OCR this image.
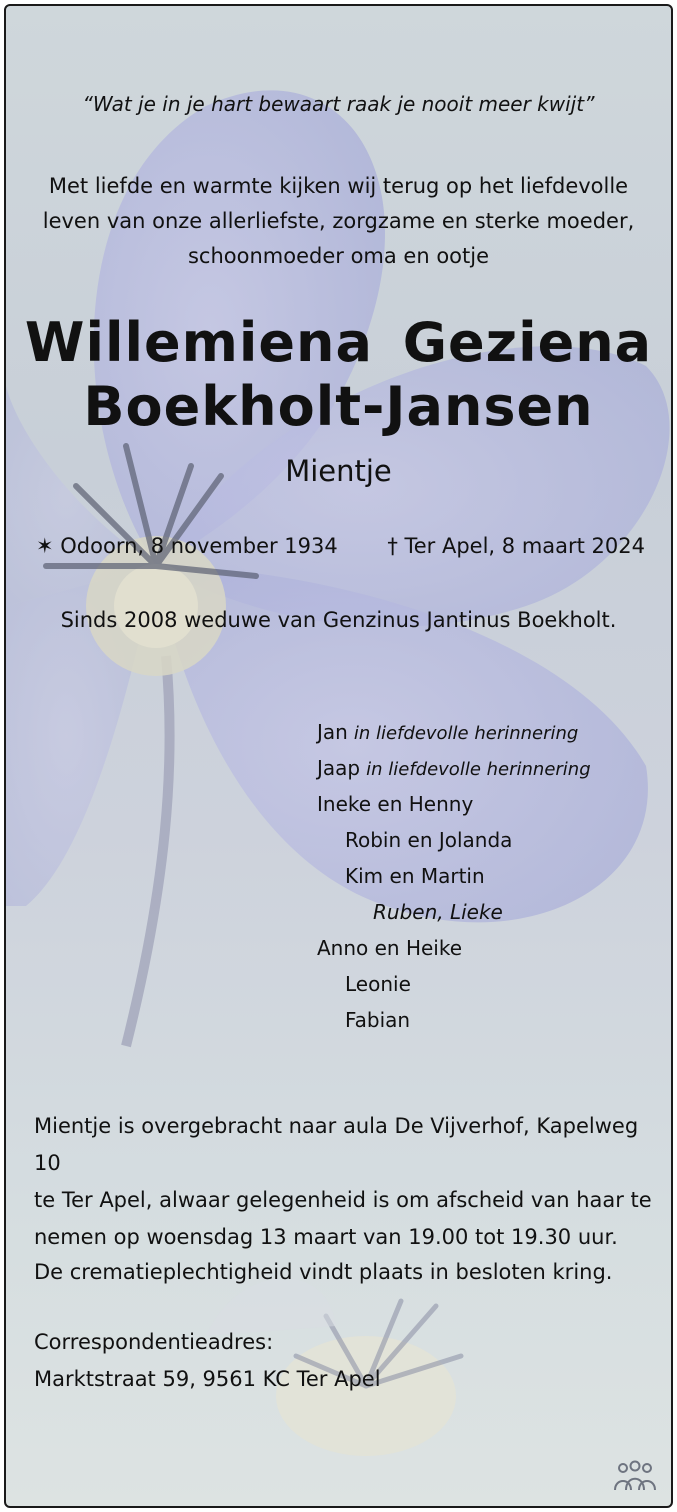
“Wat je in je hart bewaart raak je nooit meer kwijt”
Met liefde en warmte kijken wij terug op het liefdevolle
leven van onze allerliefste, zorgzame en sterke moeder,
schoonmoeder oma en ootje
Willemiena Geziena
Boekholt-Jansen
Mientje
✶ Odoorn, 8 november 1934 † Ter Apel, 8 maart 2024
Sinds 2008 weduwe van Genzinus Jantinus Boekholt.
Jan in liefdevolle herinnering
Jaap in liefdevolle herinnering
Ineke en Henny
Robin en Jolanda
Kim en Martin
Ruben, Lieke
Anno en Heike
Leonie
Fabian
Mientje is overgebracht naar aula De Vijverhof, Kapelweg 10
te Ter Apel, alwaar gelegenheid is om afscheid van haar te
nemen op woensdag 13 maart van 19.00 tot 19.30 uur.
De crematieplechtigheid vindt plaats in besloten kring.
Correspondentieadres:
Marktstraat 59, 9561 KC Ter Apel
